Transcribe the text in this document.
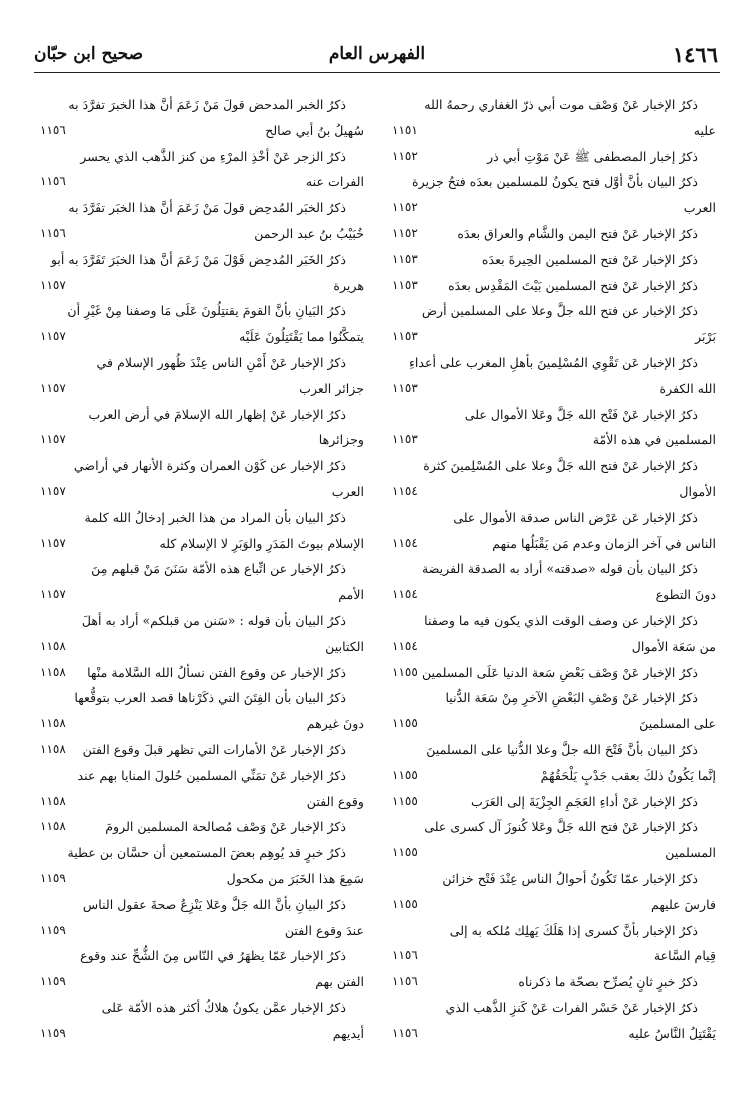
١٤٦٦
الفهرس العام
صحيح ابن حبّان
ذكرُ الإخبار عَنْ وَصْف موت أبي ذرّ الغفاري رحمهُ الله
عليه
١١٥١
ذكرُ إخبار المصطفى ﷺ عَنْ مَوْتِ أبي ذر
١١٥٢
ذكرُ البيان بأنَّ أوَّل فتح يكونُ للمسلمين بعدَه فتحُ جزيرة
العرب
١١٥٢
ذكرُ الإخبار عَنْ فتح اليمن والشَّام والعراق بعدَه
١١٥٢
ذكرُ الإخبار عَنْ فتح المسلمين الحِيرةَ بعدَه
١١٥٣
ذكرُ الإخبار عَنْ فتح المسلمين بَيْتَ المَقْدِس بعدَه
١١٥٣
ذكرُ الإخبار عن فتح الله جلَّ وعلا على المسلمين أرض
بَرْبَر
١١٥٣
ذكرُ الإخبار عَن تَقْوِي المُسْلِمينَ بأهلِ المغرب على أعداءِ
الله الكفرة
١١٥٣
ذكرُ الإخبار عَنْ فَتْح الله جَلَّ وعَلا الأموال على
المسلمين في هذه الأمّة
١١٥٣
ذكرُ الإخبار عَنْ فتح الله جَلَّ وعلا على المُسْلِمينَ كثرة
الأموال
١١٥٤
ذكرُ الإخبار عَن عَرْض الناس صدقة الأموال على
الناس في آخر الزمان وعدم مَن يَقْبَلُها منهم
١١٥٤
ذكرُ البيان بأن قوله «صدقته» أراد به الصدقة الفريضة
دونَ التطوع
١١٥٤
ذكرُ الإخبار عن وصف الوقت الذي يكون فيه ما وصفنا
من سَعَة الأموال
١١٥٤
ذكرُ الإخبار عَنْ وَصْف بَعْضِ سَعة الدنيا عَلَى المسلمين
١١٥٥
ذكرُ الإخبار عَنْ وَصْفِ البَعْضِ الآخرِ مِنْ سَعَة الدُّنيا
على المسلمينَ
١١٥٥
ذكرُ البيان بأنَّ فَتْحَ الله جلَّ وعلا الدُّنيا على المسلمينَ
إنَّما يَكُونُ ذلكَ بعقب جَدْبٍ يَلْحَقُهُمْ
١١٥٥
ذكرُ الإخبار عَنْ أداءِ العَجَمِ الجِزْيَةَ إلى العَرَب
١١٥٥
ذكرُ الإخبار عَنْ فتح الله جَلَّ وعَلا كُنوزَ آل كسرى على
المسلمين
١١٥٥
ذكرُ الإخبار عمّا تَكُونُ أحوالُ الناس عِنْدَ فَتْح خزائن
فارسَ عليهم
١١٥٥
ذكرُ الإخبار بأنَّ كسرى إذا هَلَكَ يَهلِك مُلكه به إلى
قِيام السَّاعة
١١٥٦
ذكرُ خبرٍ ثانٍ يُصرِّح بصحّة ما ذكرناه
١١٥٦
ذكرُ الإخبار عَنْ حَسْر الفرات عَنْ كَنزِ الذَّهب الذي
يَقْتَتِلُ النَّاسُ عليه
١١٥٦
ذكرُ الخبر المدحض قولَ مَنْ زَعَمَ أنَّ هذا الخبرَ تفرَّدَ به
سُهيلُ بنُ أبي صالح
١١٥٦
ذكرُ الزجر عَنْ أخْذِ المرْءِ من كنز الذَّهب الذي يحسر
الفرات عنه
١١٥٦
ذكرُ الخبَر المُدحِض قولَ مَنْ زَعَمَ أنَّ هذا الخبَر تفَرَّدَ به
خُبَيْبُ بنُ عبد الرحمن
١١٥٦
ذكرُ الخَبَر المُدحِض قَوْلَ مَنْ زَعَمَ أنَّ هذا الخبَرَ تَفَرَّدَ به أبو
هريرة
١١٥٧
ذكرُ البَيانِ بأنَّ القومَ يقتتِلُونَ عَلَى مَا وصفنا مِنْ غَيْرِ أن
يتمكَّنُوا مما يَقْتَتِلُونَ عَلَيْه
١١٥٧
ذكرُ الإخبار عَنْ أَمْنِ الناس عِنْدَ ظُهور الإسلام في
جزائر العرب
١١٥٧
ذكرُ الإخبار عَنْ إظهار الله الإسلامَ في أرض العرب
وجزائرها
١١٥٧
ذكرُ الإخبار عن كَوْن العمران وكثرة الأنهار في أراضي
العرب
١١٥٧
ذكرُ البيان بأن المراد من هذا الخبر إدخالُ الله كلمة
الإسلام بيوتَ المَدَرِ والوَبَرِ لا الإسلام كله
١١٥٧
ذكرُ الإخبار عن اتِّباع هذه الأمّة سَنَنَ مَنْ قبلهم مِنَ
الأمم
١١٥٧
ذكرُ البيان بأن قوله : «سَنن من قبلكم» أراد به أهلَ
الكتابين
١١٥٨
ذكرُ الإخبار عن وقوع الفتن نسألُ الله السَّلامة منْها
١١٥٨
ذكرُ البيان بأن الفِتَنَ التي ذكَرْناها قصد العرب بتوقُّعها
دونَ غيرهم
١١٥٨
ذكرُ الإخبار عَنْ الأمارات التي تظهر قبلَ وقوع الفتن
١١٥٨
ذكرُ الإخبار عَنْ تمَنِّي المسلمين حُلولَ المنايا بهم عند
وقوع الفتن
١١٥٨
ذكرُ الإخبار عَنْ وَصْف مُصالحة المسلمين الرومَ
١١٥٨
ذكرُ خبرٍ قد يُوهِم بعضَ المستمعين أن حسَّان بن عطية
سَمِعَ هذا الخَبَرَ من مكحول
١١٥٩
ذكرُ البيانِ بأنَّ الله جَلَّ وعَلا يَنْزِعُ صحةَ عقول الناس
عندَ وقوع الفتن
١١٥٩
ذكرُ الإخبار عَمّا يظهَرُ في النّاس مِنَ الشُّحِّ عند وقوع
الفتن بهم
١١٥٩
ذكرُ الإخبار عمَّن يكونُ هلاكُ أكثر هذه الأمّة عَلى
أيديهم
١١٥٩
